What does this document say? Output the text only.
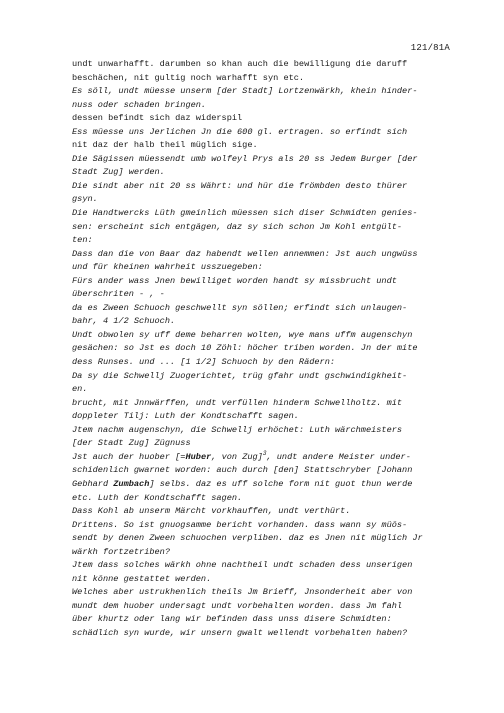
121/81A
undt unwarhafft. darumben so khan auch die bewilligung die daruff
beschächen, nit gultig noch warhafft syn etc.
Es söll, undt müesse unserm [der Stadt] Lortzenwärkh, khein hinder-
nuss oder schaden bringen.
dessen befindt sich daz widerspil
Ess müesse uns Jerlichen Jn die 600 gl. ertragen. so erfindt sich
nit daz der halb theil müglich sige.
Die Sägissen müessendt umb wolfeyl Prys als 20 ss Jedem Burger [der
Stadt Zug] werden.
Die sindt aber nit 20 ss Währt: und hür die frömbden desto thürer
gsyn.
Die Handtwercks Lüth gmeinlich müessen sich diser Schmidten genies-
sen: erscheint sich entgägen, daz sy sich schon Jm Kohl entgült-
ten:
Dass dan die von Baar daz habendt wellen annemmen: Jst auch ungwüss
und für kheinen wahrheit usszuegeben:
Fürs ander wass Jnen bewilliget worden handt sy missbrucht undt
überschriten - , -
da es Zween Schuoch geschwellt syn söllen; erfindt sich unlaugen-
bahr, 4 1/2 Schuoch.
Undt obwolen sy uff deme beharren wolten, wye mans uffm augenschyn
gesächen: so Jst es doch 10 Zöhl: höcher triben worden. Jn der mite
dess Runses. und ... [1 1/2] Schuoch by den Rädern:
Da sy die Schwellj Zuogerichtet, trüg gfahr undt gschwindigkheit-
en.
brucht, mit Jnnwärffen, undt verfüllen hinderm Schwellholtz. mit
doppleter Tilj: Luth der Kondtschafft sagen.
Jtem nachm augenschyn, die Schwellj erhöchet: Luth wärchmeisters
[der Stadt Zug] Zügnuss
Jst auch der huober [=Huber, von Zug]$^3$, undt andere Meister under-
schidenlich gwarnet worden: auch durch [den] Stattschryber [Johann
Gebhard Zumbach] selbs. daz es uff solche form nit guot thun werde
etc. Luth der Kondtschafft sagen.
Dass Kohl ab unserm Märcht vorkhauffen, undt verthürt.
Drittens. So ist gnuogsamme bericht vorhanden. dass wann sy müös-
sendt by denen Zween schuochen verpliben. daz es Jnen nit müglich Jr
wärkh fortzetriben?
Jtem dass solches wärkh ohne nachtheil undt schaden dess unserigen
nit könne gestattet werden.
Welches aber ustrukhenlich theils Jm Brieff, Jnsonderheit aber von
mundt dem huober undersagt undt vorbehalten worden. dass Jm fahl
über khurtz oder lang wir befinden dass unss disere Schmidten:
schädlich syn wurde, wir unsern gwalt wellendt vorbehalten haben?
